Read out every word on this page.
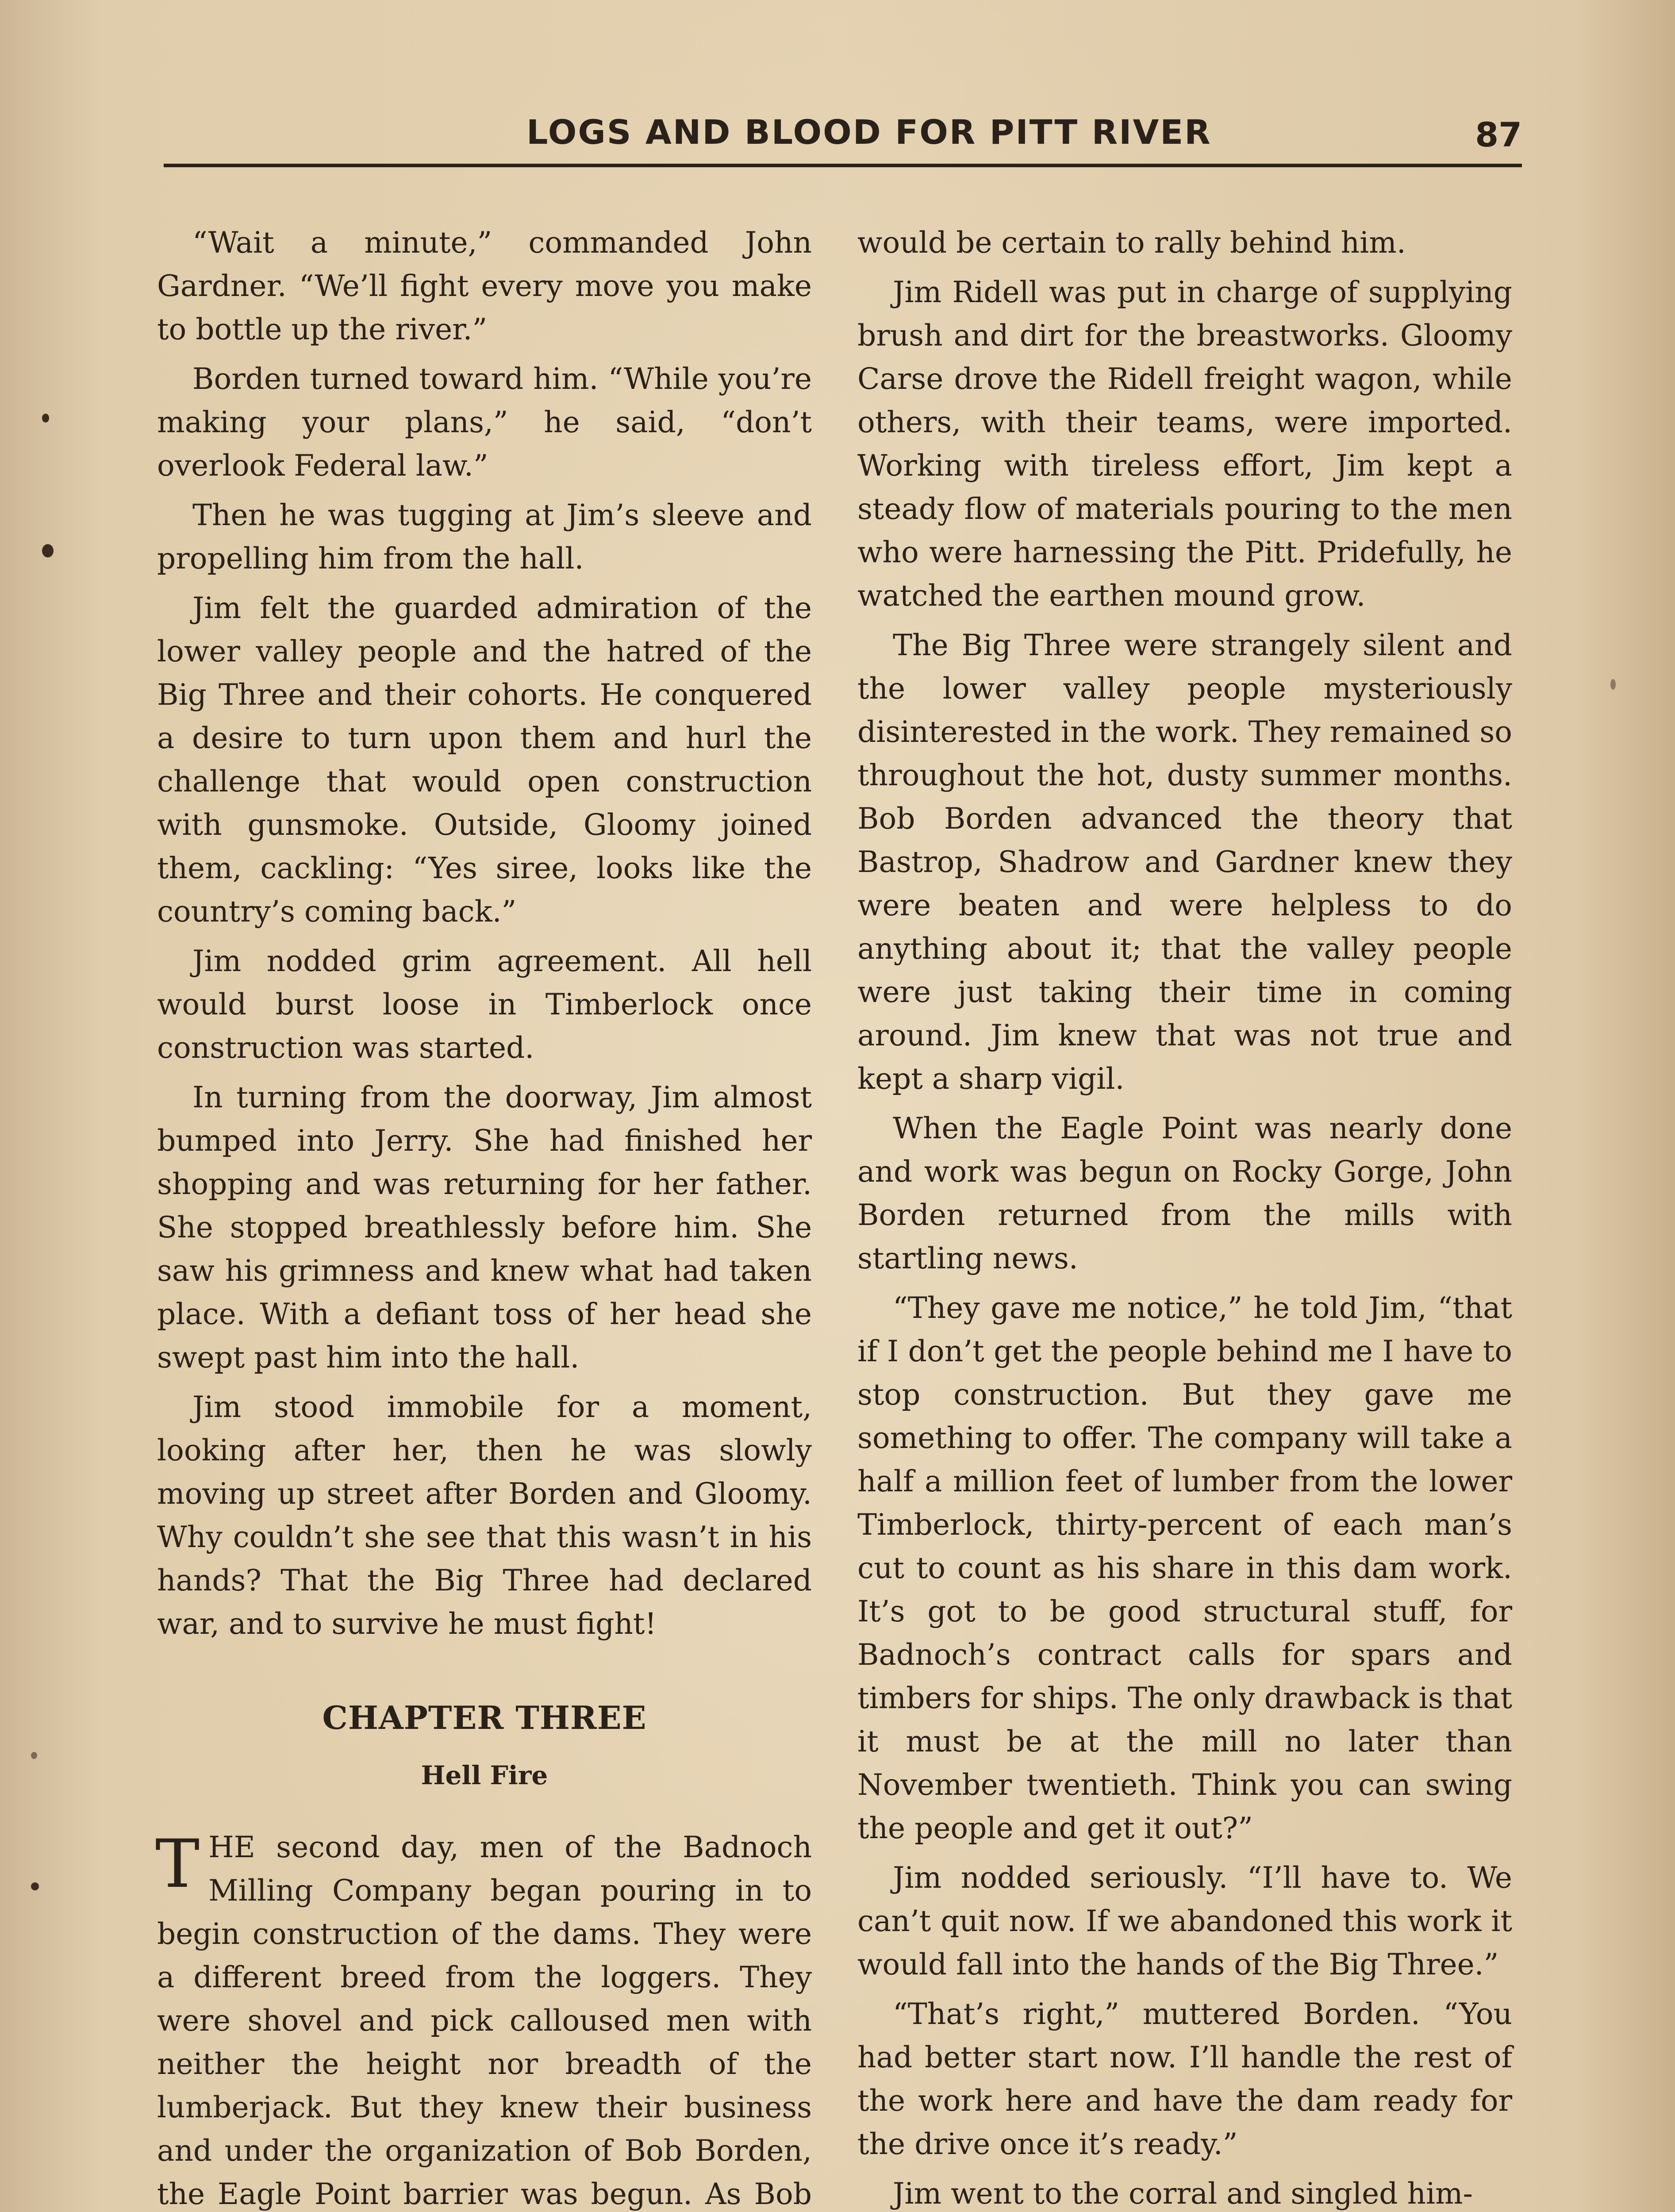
LOGS AND BLOOD FOR PITT RIVER	87

“Wait a minute,” commanded John Gardner. “We’ll fight every move you make to bottle up the river.”

Borden turned toward him. “While you’re making your plans,” he said, “don’t overlook Federal law.”

Then he was tugging at Jim’s sleeve and propelling him from the hall.

Jim felt the guarded admiration of the lower valley people and the hatred of the Big Three and their cohorts. He conquered a desire to turn upon them and hurl the challenge that would open construction with gunsmoke. Outside, Gloomy joined them, cackling: “Yes siree, looks like the country’s coming back.”

Jim nodded grim agreement. All hell would burst loose in Timberlock once construction was started.

In turning from the doorway, Jim almost bumped into Jerry. She had finished her shopping and was returning for her father. She stopped breathlessly before him. She saw his grimness and knew what had taken place. With a defiant toss of her head she swept past him into the hall.

Jim stood immobile for a moment, looking after her, then he was slowly moving up street after Borden and Gloomy. Why couldn’t she see that this wasn’t in his hands? That the Big Three had declared war, and to survive he must fight!

CHAPTER THREE
Hell Fire

THE second day, men of the Badnoch Milling Company began pouring in to begin construction of the dams. They were a different breed from the loggers. They were shovel and pick calloused men with neither the height nor breadth of the lumberjack. But they knew their business and under the organization of Bob Borden, the Eagle Point barrier was begun. As Bob

would be certain to rally behind him.

Jim Ridell was put in charge of supplying brush and dirt for the breastworks. Gloomy Carse drove the Ridell freight wagon, while others, with their teams, were imported. Working with tireless effort, Jim kept a steady flow of materials pouring to the men who were harnessing the Pitt. Pridefully, he watched the earthen mound grow.

The Big Three were strangely silent and the lower valley people mysteriously disinterested in the work. They remained so throughout the hot, dusty summer months. Bob Borden advanced the theory that Bastrop, Shadrow and Gardner knew they were beaten and were helpless to do anything about it; that the valley people were just taking their time in coming around. Jim knew that was not true and kept a sharp vigil.

When the Eagle Point was nearly done and work was begun on Rocky Gorge, John Borden returned from the mills with startling news.

“They gave me notice,” he told Jim, “that if I don’t get the people behind me I have to stop construction. But they gave me something to offer. The company will take a half a million feet of lumber from the lower Timberlock, thirty-percent of each man’s cut to count as his share in this dam work. It’s got to be good structural stuff, for Badnoch’s contract calls for spars and timbers for ships. The only drawback is that it must be at the mill no later than November twentieth. Think you can swing the people and get it out?”

Jim nodded seriously. “I’ll have to. We can’t quit now. If we abandoned this work it would fall into the hands of the Big Three.”

“That’s right,” muttered Borden. “You had better start now. I’ll handle the rest of the work here and have the dam ready for the drive once it’s ready.”

Jim went to the corral and singled him-
